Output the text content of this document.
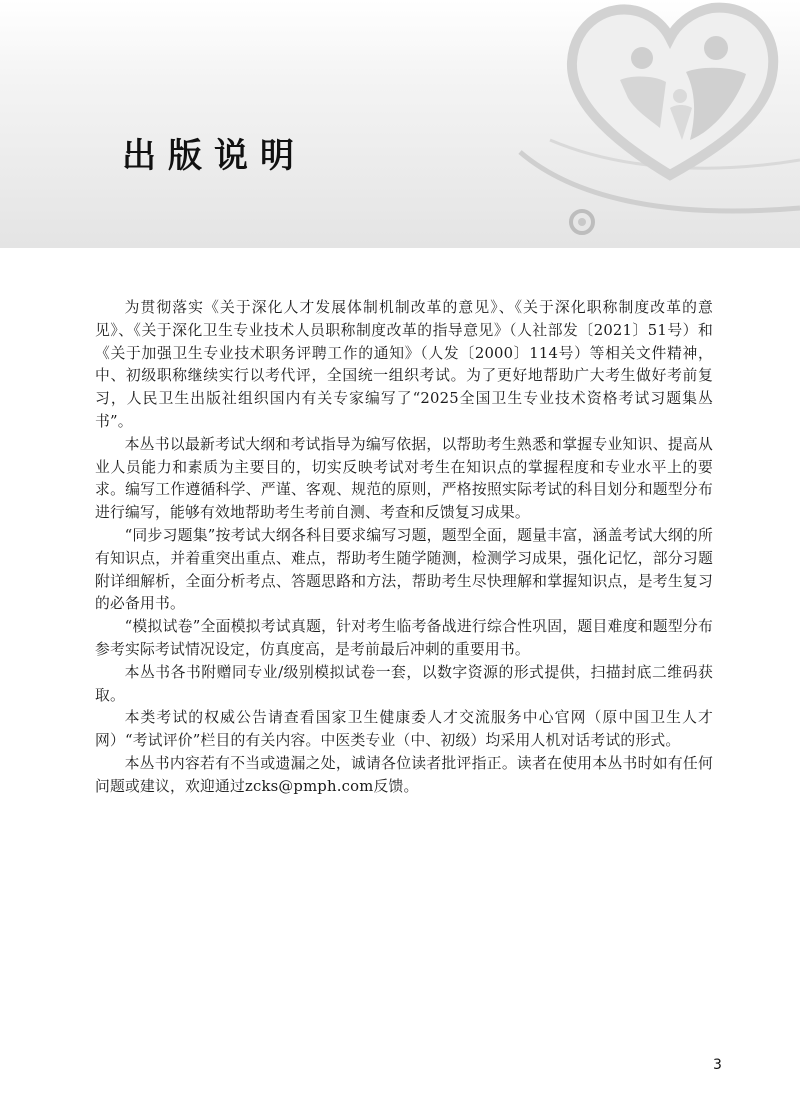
出版说明

为贯彻落实《关于深化人才发展体制机制改革的意见》、《关于深化职称制度改革的意见》、《关于深化卫生专业技术人员职称制度改革的指导意见》（人社部发〔2021〕51号）和《关于加强卫生专业技术职务评聘工作的通知》（人发〔2000〕114号）等相关文件精神，中、初级职称继续实行以考代评，全国统一组织考试。为了更好地帮助广大考生做好考前复习，人民卫生出版社组织国内有关专家编写了“2025全国卫生专业技术资格考试习题集丛书”。

本丛书以最新考试大纲和考试指导为编写依据，以帮助考生熟悉和掌握专业知识、提高从业人员能力和素质为主要目的，切实反映考试对考生在知识点的掌握程度和专业水平上的要求。编写工作遵循科学、严谨、客观、规范的原则，严格按照实际考试的科目划分和题型分布进行编写，能够有效地帮助考生考前自测、考查和反馈复习成果。

“同步习题集”按考试大纲各科目要求编写习题，题型全面，题量丰富，涵盖考试大纲的所有知识点，并着重突出重点、难点，帮助考生随学随测，检测学习成果，强化记忆，部分习题附详细解析，全面分析考点、答题思路和方法，帮助考生尽快理解和掌握知识点，是考生复习的必备用书。

“模拟试卷”全面模拟考试真题，针对考生临考备战进行综合性巩固，题目难度和题型分布参考实际考试情况设定，仿真度高，是考前最后冲刺的重要用书。

本丛书各书附赠同专业/级别模拟试卷一套，以数字资源的形式提供，扫描封底二维码获取。

本类考试的权威公告请查看国家卫生健康委人才交流服务中心官网（原中国卫生人才网）“考试评价”栏目的有关内容。中医类专业（中、初级）均采用人机对话考试的形式。

本丛书内容若有不当或遗漏之处，诚请各位读者批评指正。读者在使用本丛书时如有任何问题或建议，欢迎通过zcks@pmph.com反馈。

3
